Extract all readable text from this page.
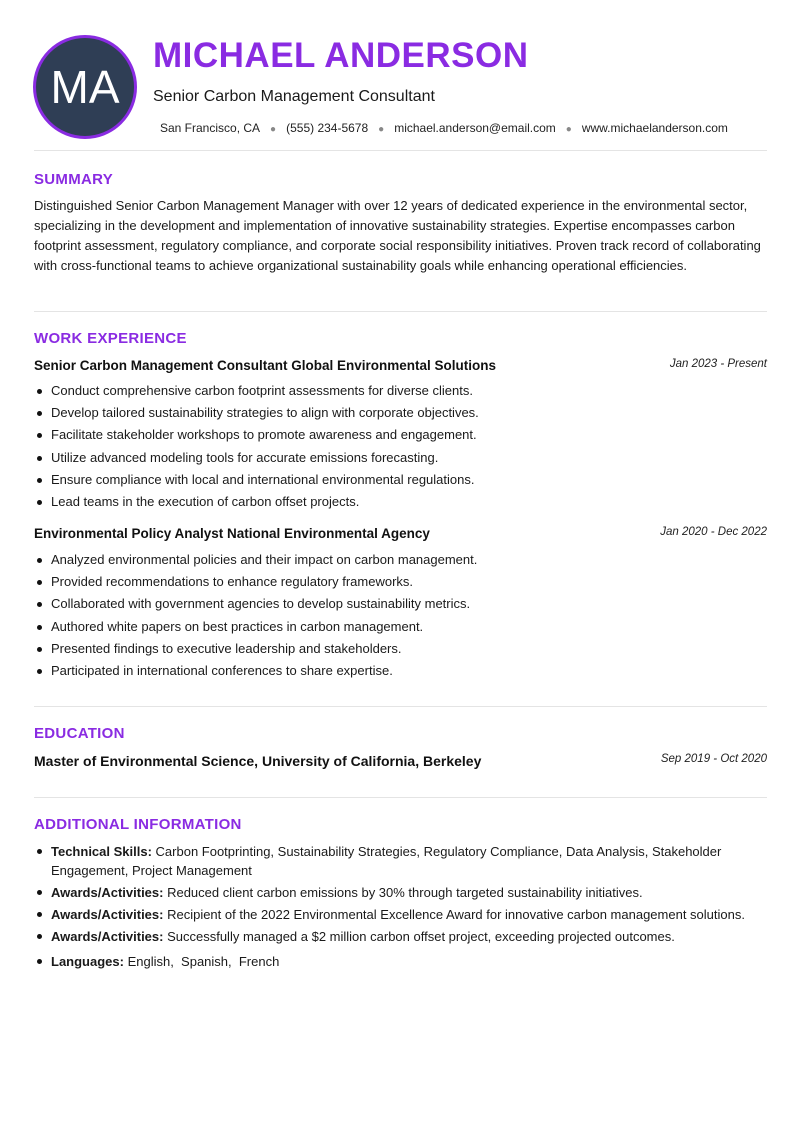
MA
MICHAEL ANDERSON
Senior Carbon Management Consultant
San Francisco, CA ● (555) 234-5678 ● michael.anderson@email.com ● www.michaelanderson.com
SUMMARY

Distinguished Senior Carbon Management Manager with over 12 years of dedicated experience in the environmental sector, specializing in the development and implementation of innovative sustainability strategies. Expertise encompasses carbon footprint assessment, regulatory compliance, and corporate social responsibility initiatives. Proven track record of collaborating with cross-functional teams to achieve organizational sustainability goals while enhancing operational efficiencies.

WORK EXPERIENCE
Senior Carbon Management Consultant Global Environmental Solutions	Jan 2023 - Present
Conduct comprehensive carbon footprint assessments for diverse clients.
Develop tailored sustainability strategies to align with corporate objectives.
Facilitate stakeholder workshops to promote awareness and engagement.
Utilize advanced modeling tools for accurate emissions forecasting.
Ensure compliance with local and international environmental regulations.
Lead teams in the execution of carbon offset projects.
Environmental Policy Analyst National Environmental Agency	Jan 2020 - Dec 2022
Analyzed environmental policies and their impact on carbon management.
Provided recommendations to enhance regulatory frameworks.
Collaborated with government agencies to develop sustainability metrics.
Authored white papers on best practices in carbon management.
Presented findings to executive leadership and stakeholders.
Participated in international conferences to share expertise.
EDUCATION
Master of Environmental Science, University of California, Berkeley	Sep 2019 - Oct 2020
ADDITIONAL INFORMATION
Technical Skills: Carbon Footprinting, Sustainability Strategies, Regulatory Compliance, Data Analysis, Stakeholder Engagement, Project Management
Awards/Activities: Reduced client carbon emissions by 30% through targeted sustainability initiatives.
Awards/Activities: Recipient of the 2022 Environmental Excellence Award for innovative carbon management solutions.
Awards/Activities: Successfully managed a $2 million carbon offset project, exceeding projected outcomes.
Languages: English,  Spanish,  French
